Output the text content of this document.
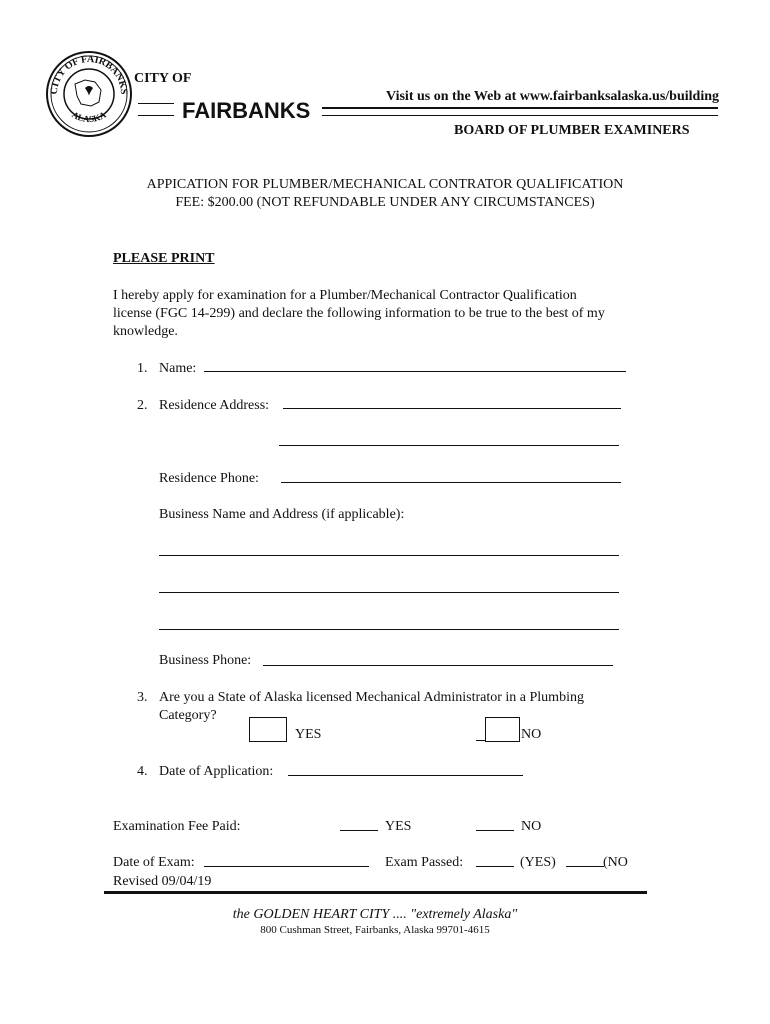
CITY OF FAIRBANKS
ALASKA
CITY OF
FAIRBANKS
Visit us on the Web at www.fairbanksalaska.us/building
BOARD OF PLUMBER EXAMINERS
APPICATION FOR PLUMBER/MECHANICAL CONTRATOR QUALIFICATION
FEE: $200.00 (NOT REFUNDABLE UNDER ANY CIRCUMSTANCES)
PLEASE PRINT
I hereby apply for examination for a Plumber/Mechanical Contractor Qualification
license (FGC 14-299) and declare the following information to be true to the best of my
knowledge.
1. Name:
2. Residence Address:
Residence Phone:
Business Name and Address (if applicable):
Business Phone:
3. Are you a State of Alaska licensed Mechanical Administrator in a Plumbing
Category?
YES	NO
4. Date of Application:
Examination Fee Paid:	YES	NO
Date of Exam:	Exam Passed:	(YES)	(NO
Revised 09/04/19
the GOLDEN HEART CITY .... "extremely Alaska"
800 Cushman Street, Fairbanks, Alaska 99701-4615
